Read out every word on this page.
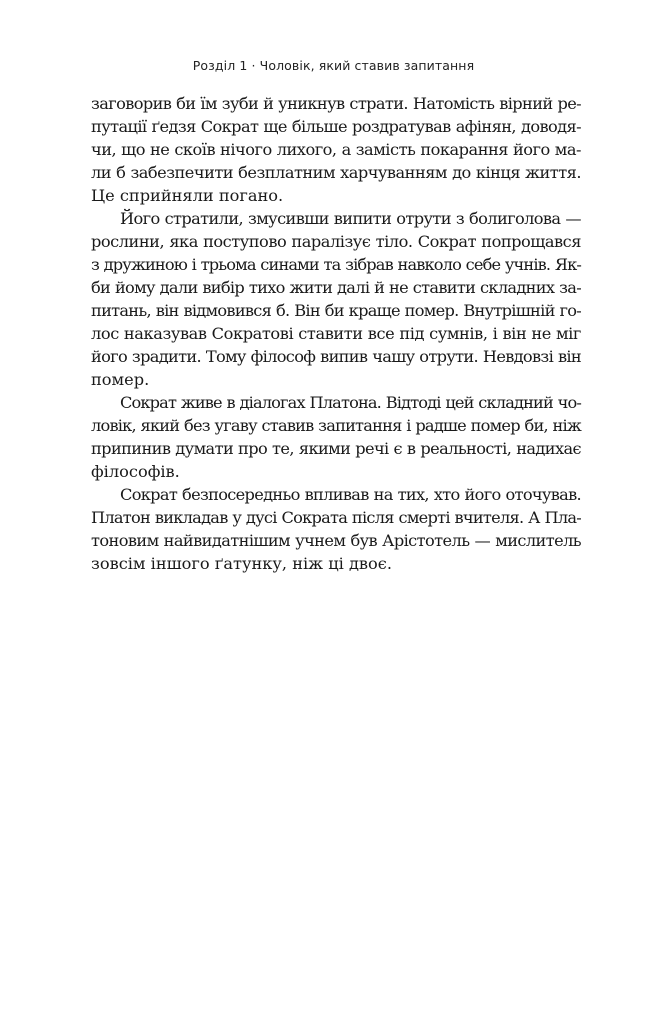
Розділ 1 · Чоловік, який ставив запитання
заговорив би їм зуби й уникнув страти. Натомість вірний ре-
путації ґедзя Сократ ще більше роздратував афінян, доводя-
чи, що не скоїв нічого лихого, а замість покарання його ма-
ли б забезпечити безплатним харчуванням до кінця життя.
Це сприйняли погано.
Його стратили, змусивши випити отрути з болиголова —
рослини, яка поступово паралізує тіло. Сократ попрощався
з дружиною і трьома синами та зібрав навколо себе учнів. Як-
би йому дали вибір тихо жити далі й не ставити складних за-
питань, він відмовився б. Він би краще помер. Внутрішній го-
лос наказував Сократові ставити все під сумнів, і він не міг
його зрадити. Тому філософ випив чашу отрути. Невдовзі він
помер.
Сократ живе в діалогах Платона. Відтоді цей складний чо-
ловік, який без угаву ставив запитання і радше помер би, ніж
припинив думати про те, якими речі є в реальності, надихає
філософів.
Сократ безпосередньо впливав на тих, хто його оточував.
Платон викладав у дусі Сократа після смерті вчителя. А Пла-
тоновим найвидатнішим учнем був Арістотель — мислитель
зовсім іншого ґатунку, ніж ці двоє.
